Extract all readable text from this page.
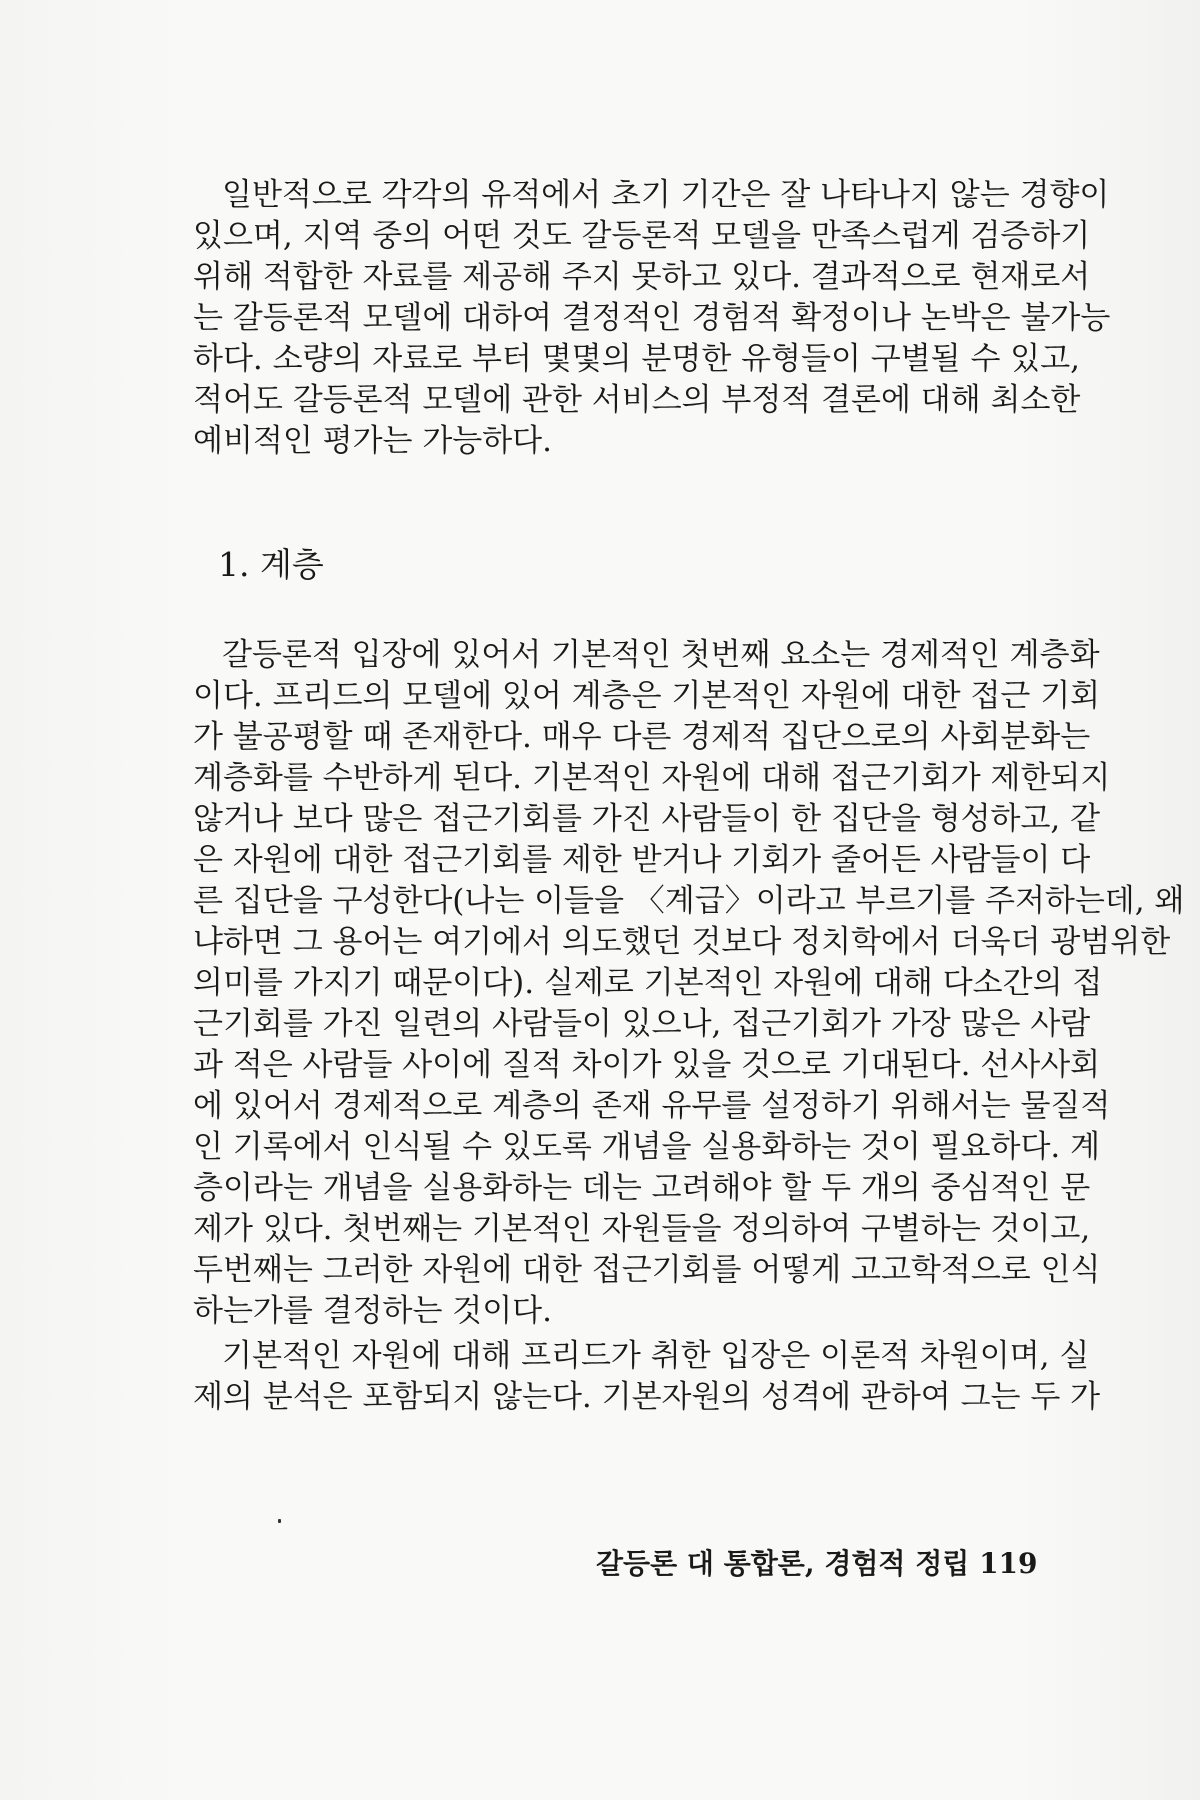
일반적으로 각각의 유적에서 초기 기간은 잘 나타나지 않는 경향이
있으며, 지역 중의 어떤 것도 갈등론적 모델을 만족스럽게 검증하기
위해 적합한 자료를 제공해 주지 못하고 있다. 결과적으로 현재로서
는 갈등론적 모델에 대하여 결정적인 경험적 확정이나 논박은 불가능
하다. 소량의 자료로 부터 몇몇의 분명한 유형들이 구별될 수 있고,
적어도 갈등론적 모델에 관한 서비스의 부정적 결론에 대해 최소한
예비적인 평가는 가능하다.
1. 계층
갈등론적 입장에 있어서 기본적인 첫번째 요소는 경제적인 계층화
이다. 프리드의 모델에 있어 계층은 기본적인 자원에 대한 접근 기회
가 불공평할 때 존재한다. 매우 다른 경제적 집단으로의 사회분화는
계층화를 수반하게 된다. 기본적인 자원에 대해 접근기회가 제한되지
않거나 보다 많은 접근기회를 가진 사람들이 한 집단을 형성하고, 같
은 자원에 대한 접근기회를 제한 받거나 기회가 줄어든 사람들이 다
른 집단을 구성한다(나는 이들을 〈계급〉이라고 부르기를 주저하는데, 왜
냐하면 그 용어는 여기에서 의도했던 것보다 정치학에서 더욱더 광범위한
의미를 가지기 때문이다). 실제로 기본적인 자원에 대해 다소간의 접
근기회를 가진 일련의 사람들이 있으나, 접근기회가 가장 많은 사람
과 적은 사람들 사이에 질적 차이가 있을 것으로 기대된다. 선사사회
에 있어서 경제적으로 계층의 존재 유무를 설정하기 위해서는 물질적
인 기록에서 인식될 수 있도록 개념을 실용화하는 것이 필요하다. 계
층이라는 개념을 실용화하는 데는 고려해야 할 두 개의 중심적인 문
제가 있다. 첫번째는 기본적인 자원들을 정의하여 구별하는 것이고,
두번째는 그러한 자원에 대한 접근기회를 어떻게 고고학적으로 인식
하는가를 결정하는 것이다.
기본적인 자원에 대해 프리드가 취한 입장은 이론적 차원이며, 실
제의 분석은 포함되지 않는다. 기본자원의 성격에 관하여 그는 두 가
갈등론 대 통합론, 경험적 정립 119
